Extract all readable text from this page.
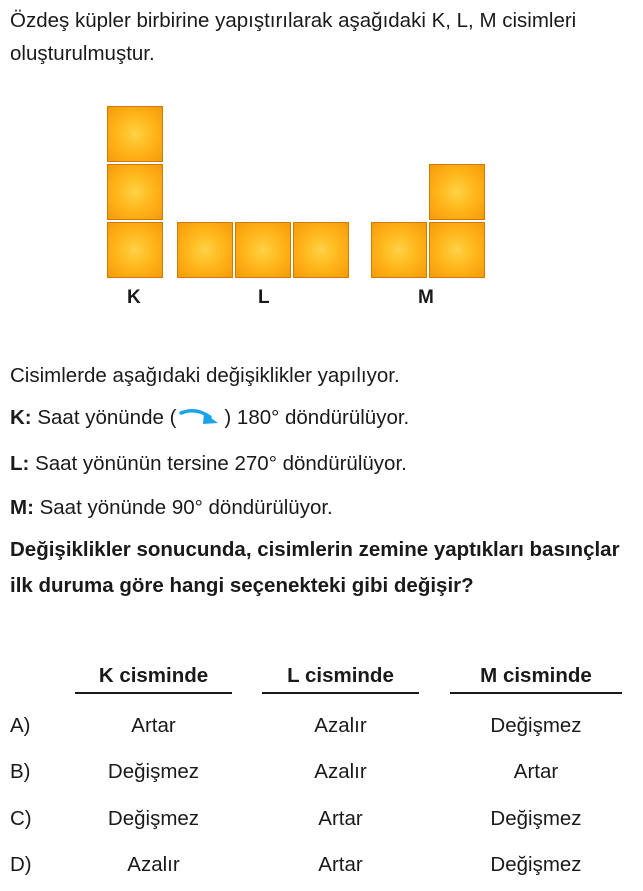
Özdeş küpler birbirine yapıştırılarak aşağıdaki K, L, M cisimleri oluşturulmuştur.
K	L	M
Cisimlerde aşağıdaki değişiklikler yapılıyor.
K: Saat yönünde ( ) 180° döndürülüyor.
L: Saat yönünün tersine 270° döndürülüyor.
M: Saat yönünde 90° döndürülüyor.
Değişiklikler sonucunda, cisimlerin zemine yaptıkları basınçlar ilk duruma göre hangi seçenekteki gibi değişir?
K cisminde	L cisminde	M cisminde
A)	Artar	Azalır	Değişmez
B)	Değişmez	Azalır	Artar
C)	Değişmez	Artar	Değişmez
D)	Azalır	Artar	Değişmez
